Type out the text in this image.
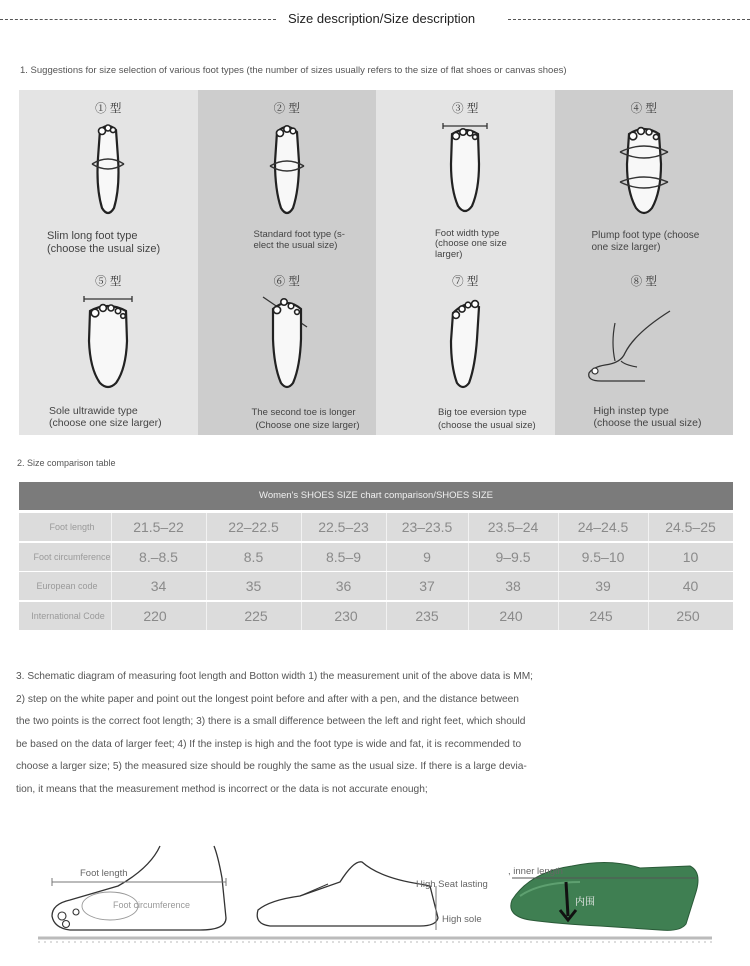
Size description/Size description
1. Suggestions for size selection of various foot types (the number of sizes usually refers to the size of flat shoes or canvas shoes)
① 型
Slim long foot type
(choose the usual size)
② 型
Standard foot type (s-
elect the usual size)
③ 型
Foot width type
(choose one size
larger)
④ 型
Plump foot type (choose
one size larger)
⑤ 型
Sole ultrawide type
(choose one size larger)
⑥ 型
The second toe is longer
(Choose one size larger)
⑦ 型
Big toe eversion type
(choose the usual size)
⑧ 型
High instep type
(choose the usual size)
2. Size comparison table
Women's SHOES SIZE chart comparison/SHOES SIZE
Foot length	21.5–22	22–22.5	22.5–23	23–23.5	23.5–24	24–24.5	24.5–25
Foot circumference	8.–8.5	8.5	8.5–9	9	9–9.5	9.5–10	10
European code	34	35	36	37	38	39	40
International Code	220	225	230	235	240	245	250
3. Schematic diagram of measuring foot length and Botton width 1) the measurement unit of the above data is MM;
2) step on the white paper and point out the longest point before and after with a pen, and the distance between
the two points is the correct foot length; 3) there is a small difference between the left and right feet, which should
be based on the data of larger feet; 4) If the instep is high and the foot type is wide and fat, it is recommended to
choose a larger size; 5) the measured size should be roughly the same as the usual size. If there is a large devia-
tion, it means that the measurement method is incorrect or the data is not accurate enough;
Foot length
Foot circumference
High Seat lasting
High sole
, inner length
内围
